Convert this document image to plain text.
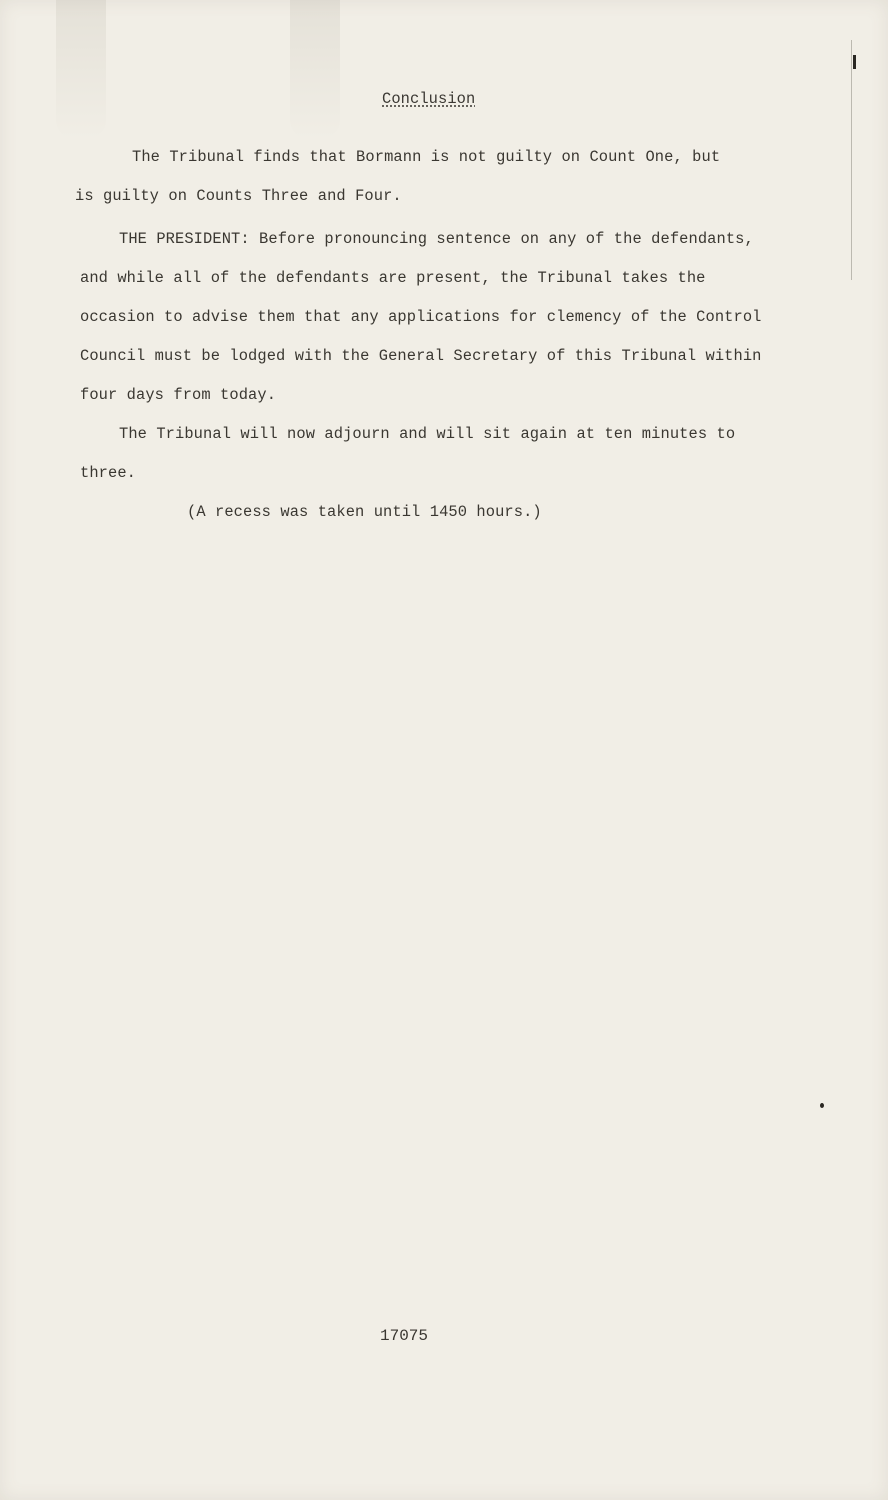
Conclusion
The Tribunal finds that Bormann is not guilty on Count One, but
is guilty on Counts Three and Four.
THE PRESIDENT: Before pronouncing sentence on any of the defendants,
and while all of the defendants are present, the Tribunal takes the
occasion to advise them that any applications for clemency of the Control
Council must be lodged with the General Secretary of this Tribunal within
four days from today.
The Tribunal will now adjourn and will sit again at ten minutes to
three.
(A recess was taken until 1450 hours.)
17075
